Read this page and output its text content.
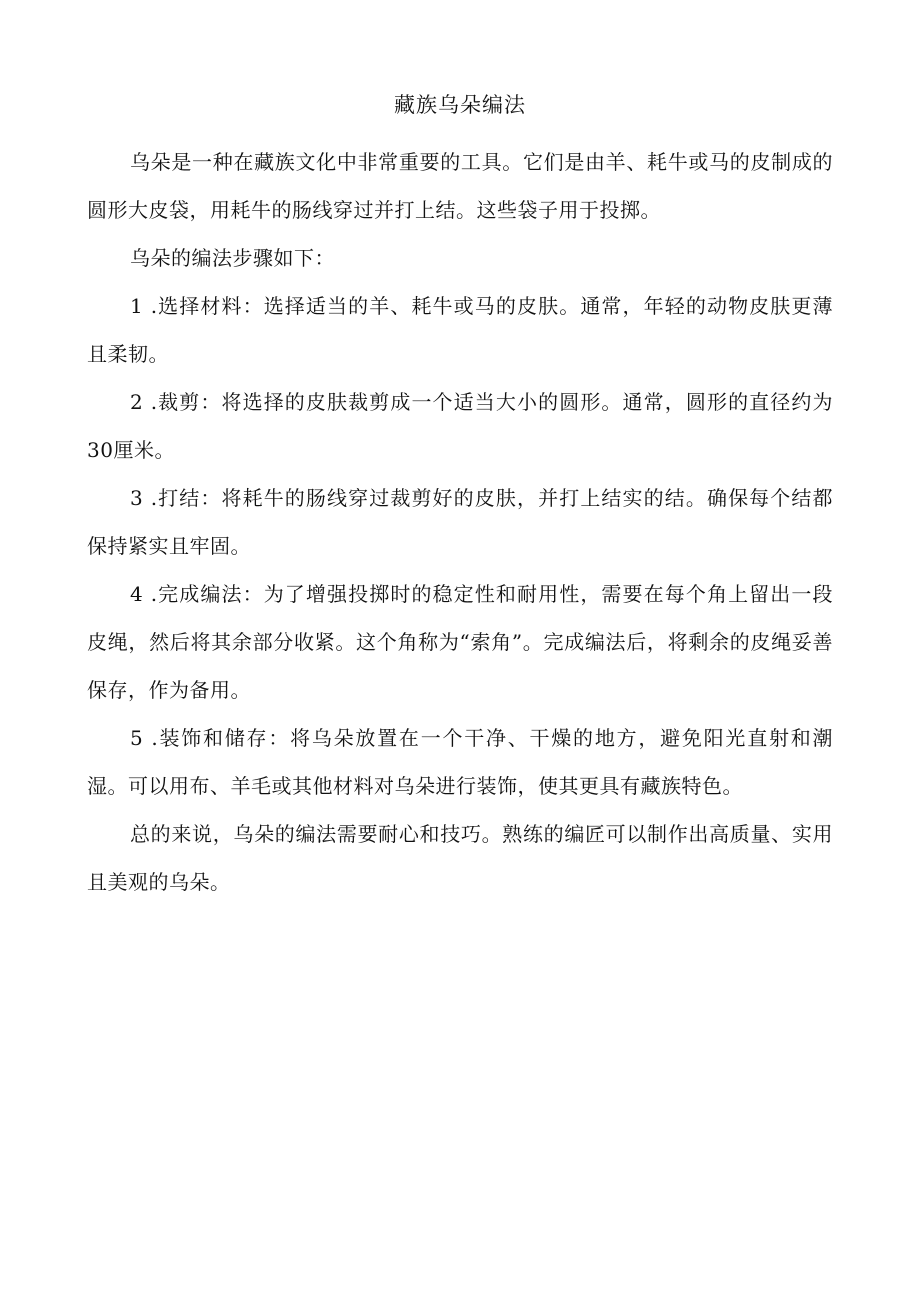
藏族乌朵编法

乌朵是一种在藏族文化中非常重要的工具。它们是由羊、耗牛或马的皮制成的圆形大皮袋，用耗牛的肠线穿过并打上结。这些袋子用于投掷。

乌朵的编法步骤如下：

1 .选择材料：选择适当的羊、耗牛或马的皮肤。通常，年轻的动物皮肤更薄且柔韧。

2 .裁剪：将选择的皮肤裁剪成一个适当大小的圆形。通常，圆形的直径约为30厘米。

3 .打结：将耗牛的肠线穿过裁剪好的皮肤，并打上结实的结。确保每个结都保持紧实且牢固。

4 .完成编法：为了增强投掷时的稳定性和耐用性，需要在每个角上留出一段皮绳，然后将其余部分收紧。这个角称为“索角”。完成编法后，将剩余的皮绳妥善保存，作为备用。

5 .装饰和储存：将乌朵放置在一个干净、干燥的地方，避免阳光直射和潮湿。可以用布、羊毛或其他材料对乌朵进行装饰，使其更具有藏族特色。

总的来说，乌朵的编法需要耐心和技巧。熟练的编匠可以制作出高质量、实用且美观的乌朵。
